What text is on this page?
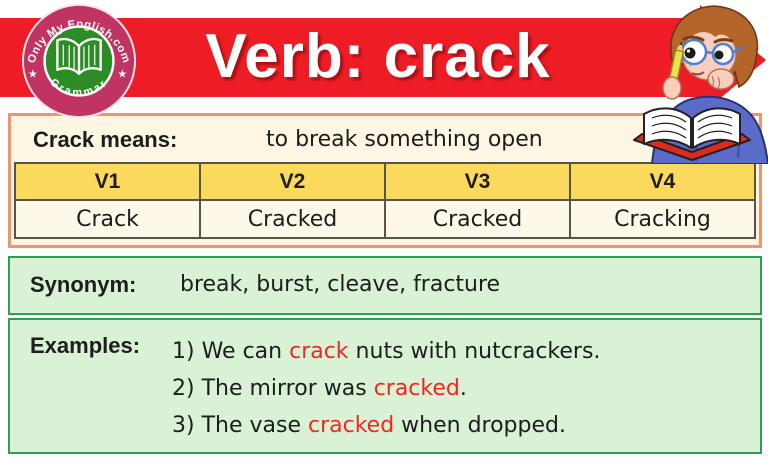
Verb: crack
Only My English.com
Grammar
★	★
Crack means:	to break something open
V1	V2	V3	V4
Crack	Cracked	Cracked	Cracking
Synonym: break, burst, cleave, fracture
Examples: 1) We can crack nuts with nutcrackers.
2) The mirror was cracked.
3) The vase cracked when dropped.
